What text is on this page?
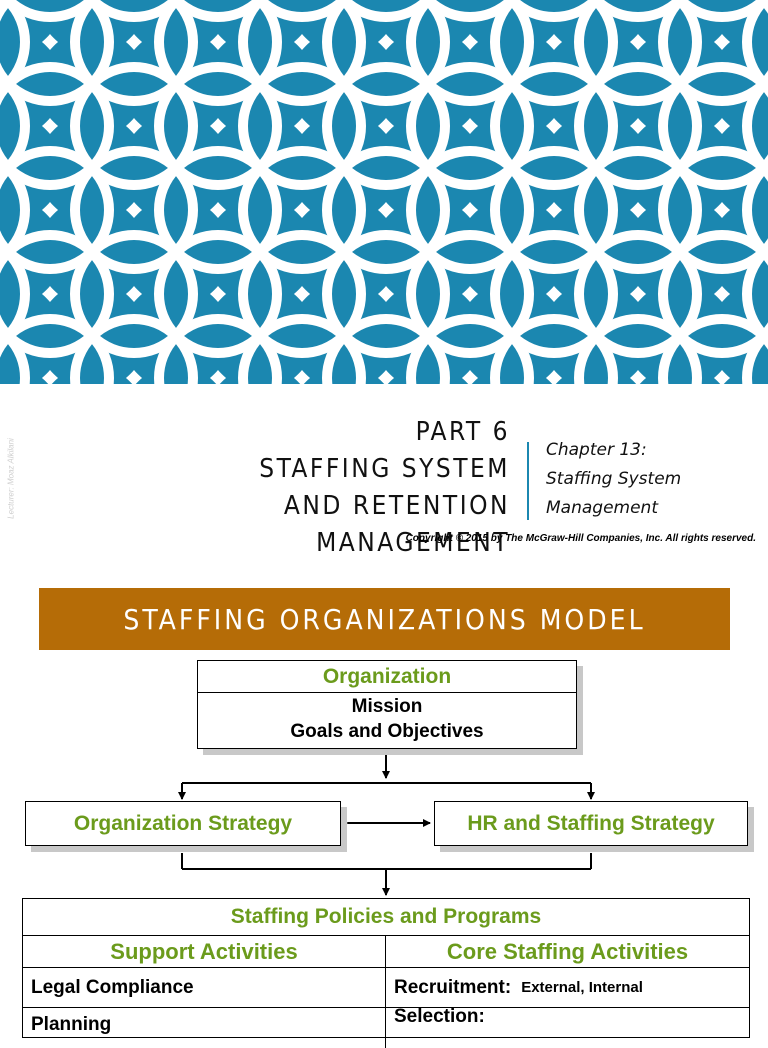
Lecturer: Moaz Alkilani
PART 6
STAFFING SYSTEM
AND RETENTION MANAGEMENT
Chapter 13:
Staffing System
Management
Copyright © 2015 by The McGraw-Hill Companies, Inc. All rights reserved.
STAFFING ORGANIZATIONS MODEL
Organization
Mission
Goals and Objectives
Organization Strategy	HR and Staffing Strategy
Staffing Policies and Programs
Support Activities	Core Staffing Activities
Legal Compliance	Recruitment: External, Internal
Planning	Selection:
